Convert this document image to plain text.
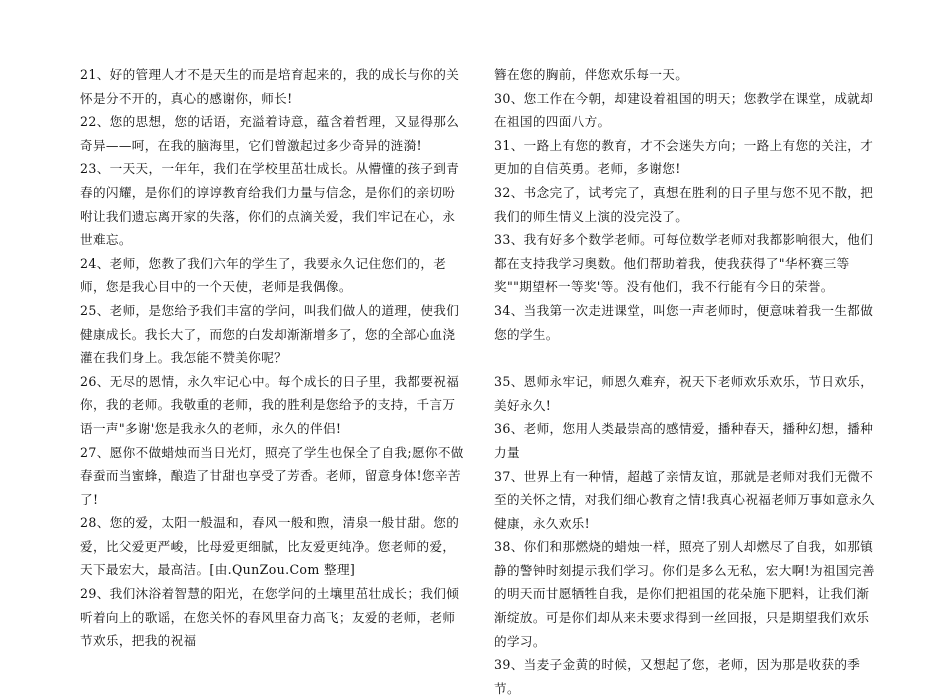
21、好的管理人才不是天生的而是培育起来的，我的成长与你的关怀是分不开的，真心的感谢你，师长!

22、您的思想，您的话语，充溢着诗意，蕴含着哲理，又显得那么奇异——呵，在我的脑海里，它们曾激起过多少奇异的涟漪!

23、一天天，一年年，我们在学校里茁壮成长。从懵懂的孩子到青春的闪耀，是你们的谆谆教育给我们力量与信念，是你们的亲切吩咐让我们遗忘离开家的失落，你们的点滴关爱，我们牢记在心，永世难忘。

24、老师，您教了我们六年的学生了，我要永久记住您们的，老师，您是我心目中的一个天使，老师是我偶像。

25、老师，是您给予我们丰富的学问，叫我们做人的道理，使我们健康成长。我长大了，而您的白发却渐渐增多了，您的全部心血浇灌在我们身上。我怎能不赞美你呢？

26、无尽的恩情，永久牢记心中。每个成长的日子里，我都要祝福你，我的老师。我敬重的老师，我的胜利是您给予的支持，千言万语一声"多谢'您是我永久的老师，永久的伴侣!

27、愿你不做蜡烛而当日光灯，照亮了学生也保全了自我;愿你不做春蚕而当蜜蜂，酿造了甘甜也享受了芳香。老师，留意身体!您辛苦了!

28、您的爱，太阳一般温和，春风一般和煦，清泉一般甘甜。您的爱，比父爱更严峻，比母爱更细腻，比友爱更纯净。您老师的爱，天下最宏大，最高洁。[由.QunZou.Com 整理]

29、我们沐浴着智慧的阳光，在您学问的土壤里茁壮成长；我们倾听着向上的歌谣，在您关怀的春风里奋力高飞；友爱的老师，老师节欢乐，把我的祝福

簪在您的胸前，伴您欢乐每一天。

30、您工作在今朝，却建设着祖国的明天；您教学在课堂，成就却在祖国的四面八方。

31、一路上有您的教育，才不会迷失方向；一路上有您的关注，才更加的自信英勇。老师，多谢您!

32、书念完了，试考完了，真想在胜利的日子里与您不见不散，把我们的师生情义上演的没完没了。

33、我有好多个数学老师。可每位数学老师对我都影响很大，他们都在支持我学习奥数。他们帮助着我，使我获得了"华杯赛三等奖""期望杯一等奖'等。没有他们，我不行能有今日的荣誉。

34、当我第一次走进课堂，叫您一声老师时，便意味着我一生都做您的学生。

35、恩师永牢记，师恩久难弃，祝天下老师欢乐欢乐，节日欢乐，美好永久!

36、老师，您用人类最崇高的感情爱，播种春天，播种幻想，播种力量

37、世界上有一种情，超越了亲情友谊，那就是老师对我们无微不至的关怀之情，对我们细心教育之情!我真心祝福老师万事如意永久健康，永久欢乐!

38、你们和那燃烧的蜡烛一样，照亮了别人却燃尽了自我，如那镇静的警钟时刻提示我们学习。你们是多么无私，宏大啊!为祖国完善的明天而甘愿牺牲自我，是你们把祖国的花朵施下肥料，让我们渐渐绽放。可是你们却从来未要求得到一丝回报，只是期望我们欢乐的学习。

39、当麦子金黄的时候，又想起了您，老师，因为那是收获的季节。
